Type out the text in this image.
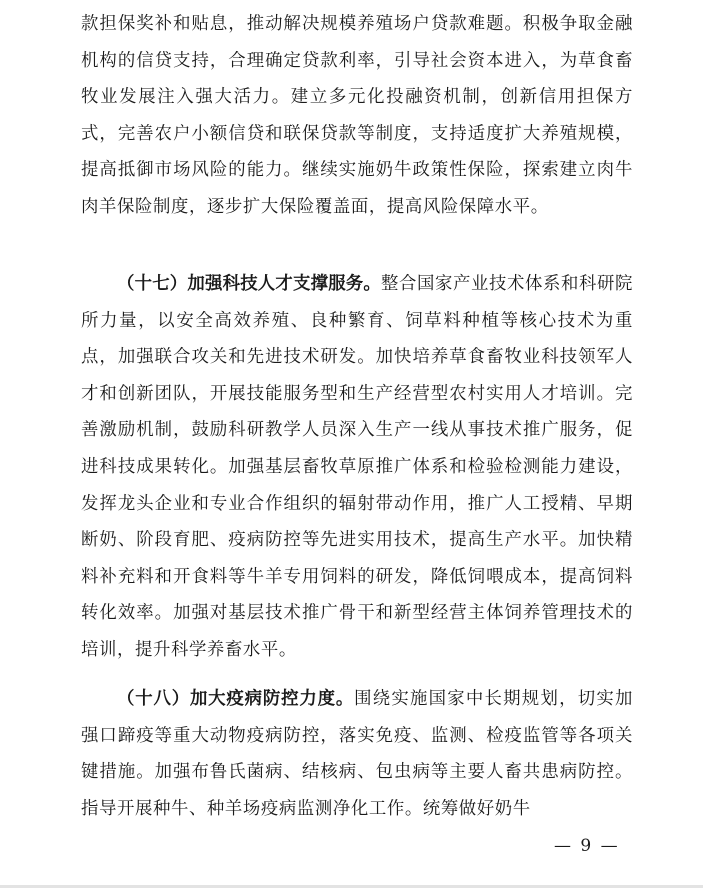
款担保奖补和贴息，推动解决规模养殖场户贷款难题。积极争取金融机构的信贷支持，合理确定贷款利率，引导社会资本进入，为草食畜牧业发展注入强大活力。建立多元化投融资机制，创新信用担保方式，完善农户小额信贷和联保贷款等制度，支持适度扩大养殖规模，提高抵御市场风险的能力。继续实施奶牛政策性保险，探索建立肉牛肉羊保险制度，逐步扩大保险覆盖面，提高风险保障水平。

（十七）加强科技人才支撑服务。整合国家产业技术体系和科研院所力量，以安全高效养殖、良种繁育、饲草料种植等核心技术为重点，加强联合攻关和先进技术研发。加快培养草食畜牧业科技领军人才和创新团队，开展技能服务型和生产经营型农村实用人才培训。完善激励机制，鼓励科研教学人员深入生产一线从事技术推广服务，促进科技成果转化。加强基层畜牧草原推广体系和检验检测能力建设，发挥龙头企业和专业合作组织的辐射带动作用，推广人工授精、早期断奶、阶段育肥、疫病防控等先进实用技术，提高生产水平。加快精料补充料和开食料等牛羊专用饲料的研发，降低饲喂成本，提高饲料转化效率。加强对基层技术推广骨干和新型经营主体饲养管理技术的培训，提升科学养畜水平。

（十八）加大疫病防控力度。围绕实施国家中长期规划，切实加强口蹄疫等重大动物疫病防控，落实免疫、监测、检疫监管等各项关键措施。加强布鲁氏菌病、结核病、包虫病等主要人畜共患病防控。指导开展种牛、种羊场疫病监测净化工作。统筹做好奶牛

— 9 —
